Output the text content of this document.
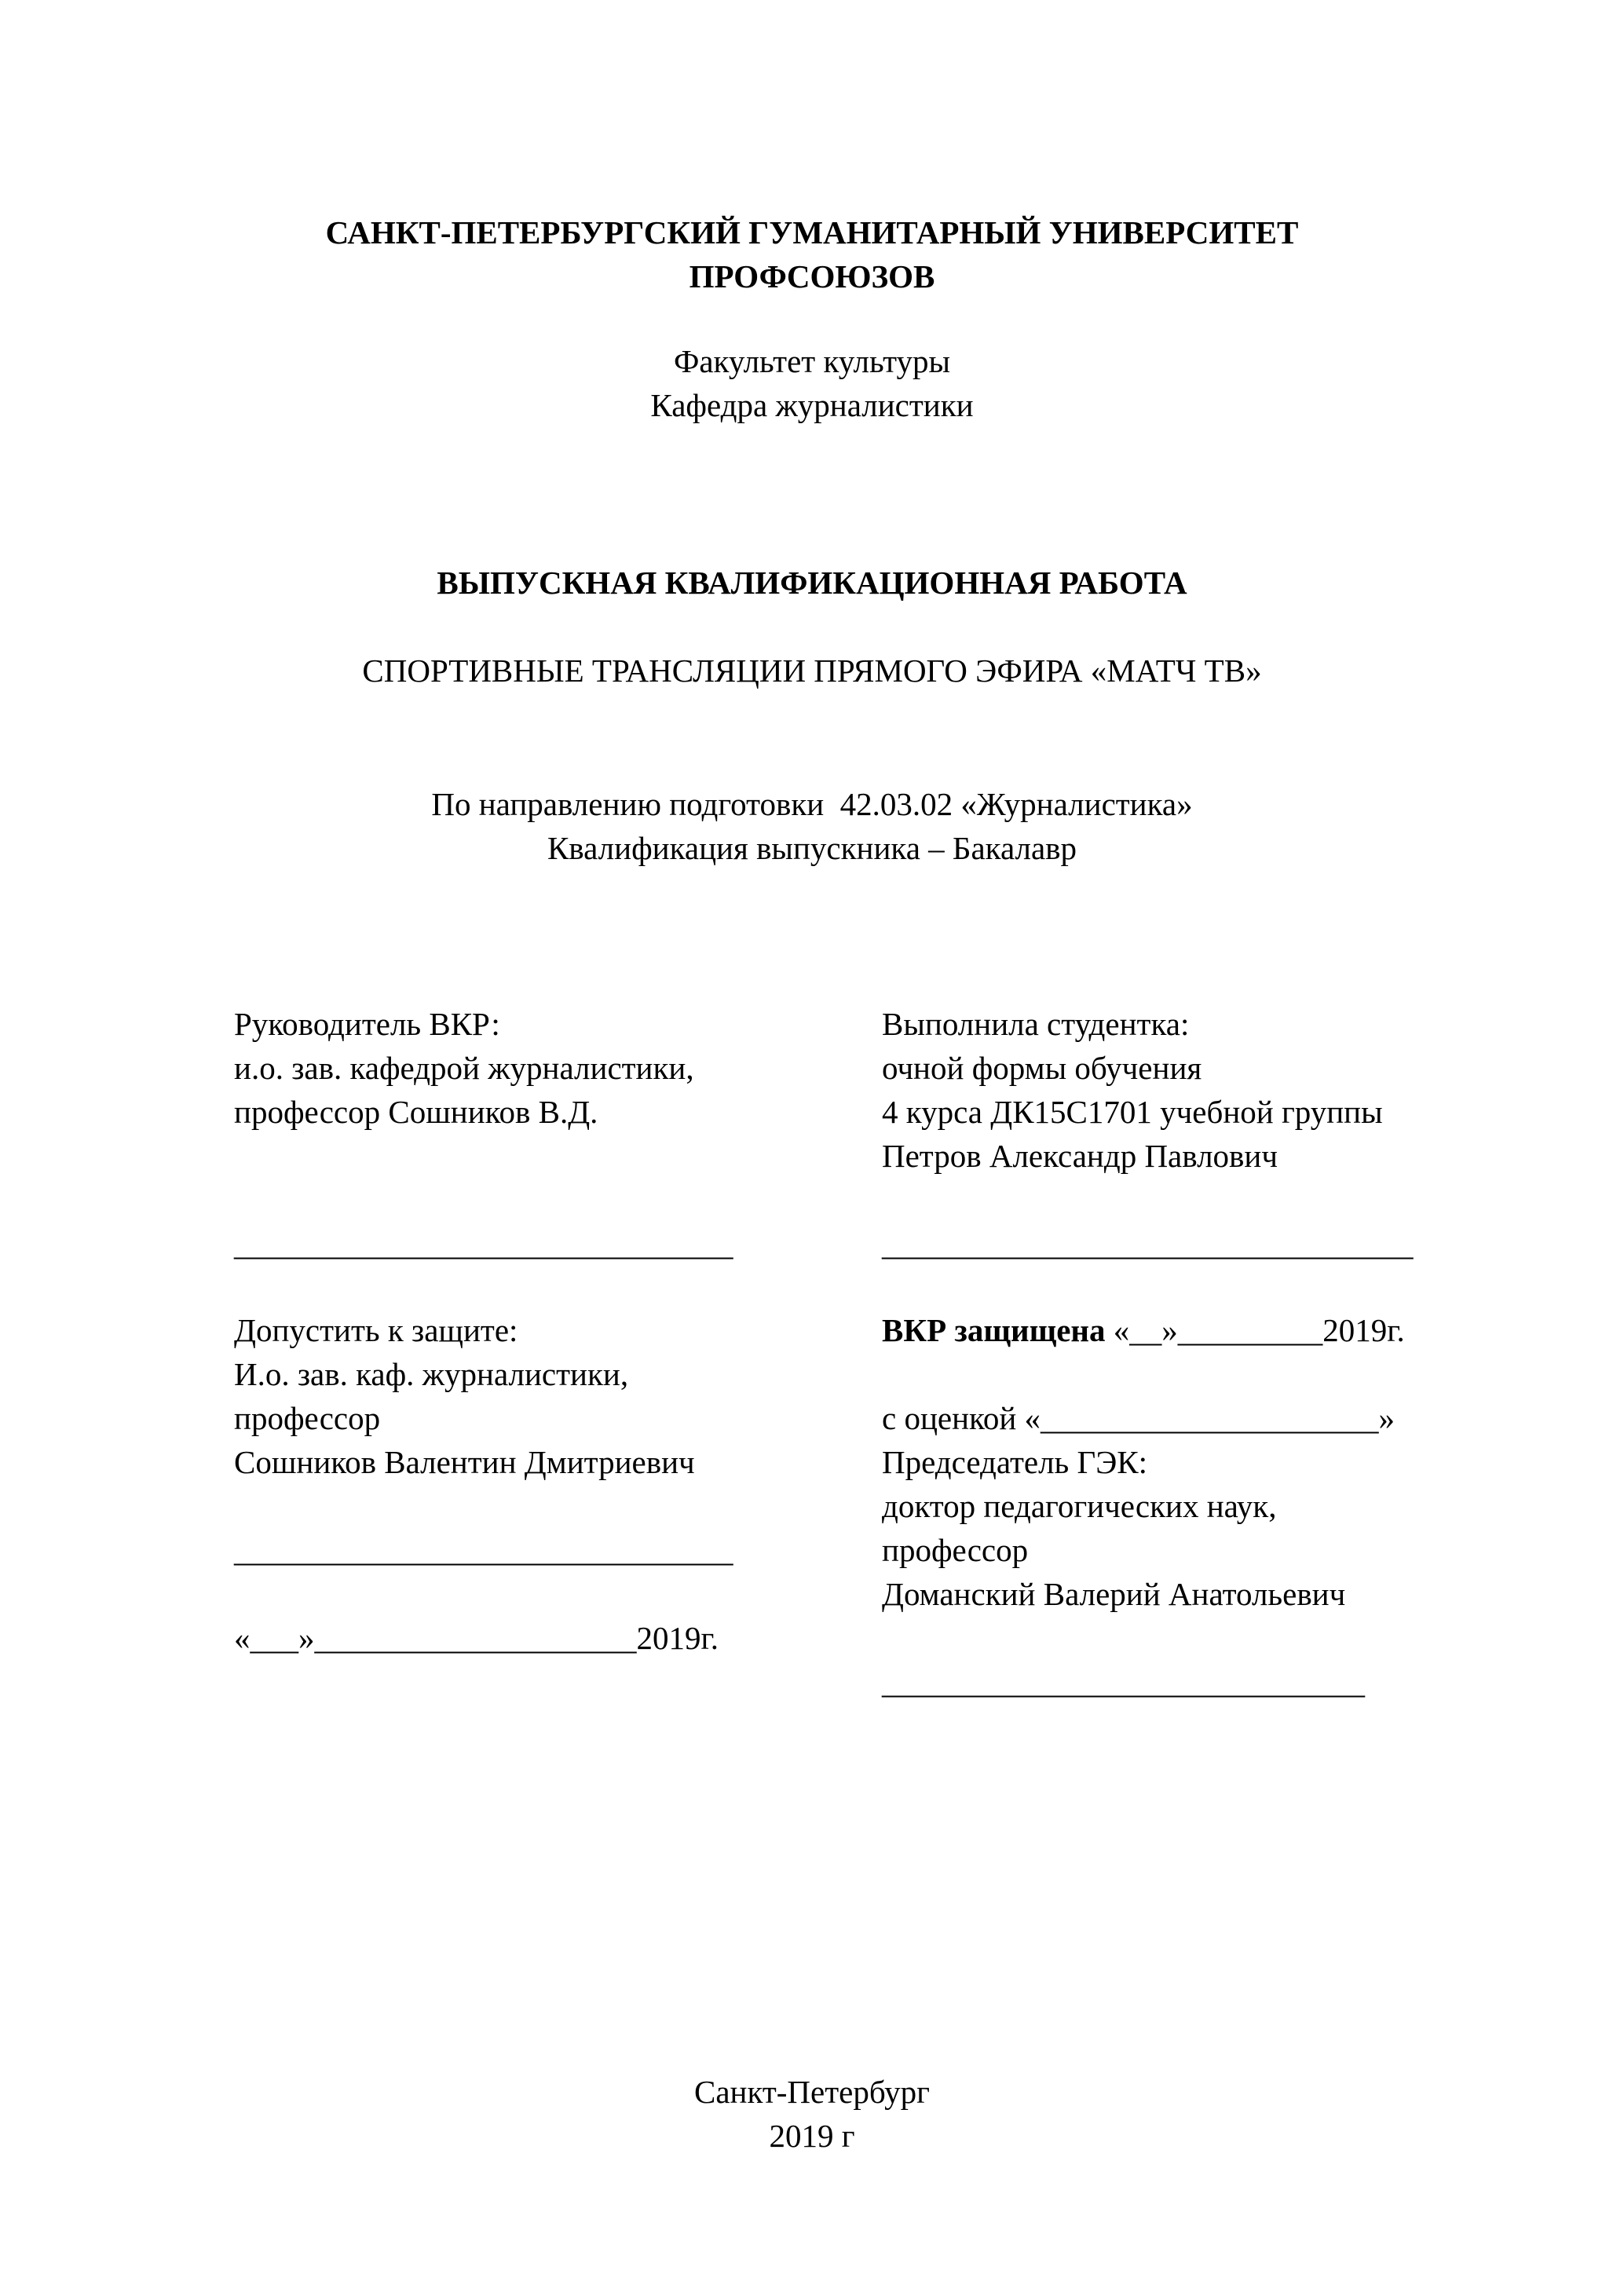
САНКТ-ПЕТЕРБУРГСКИЙ ГУМАНИТАРНЫЙ УНИВЕРСИТЕТ
ПРОФСОЮЗОВ
Факультет культуры
Кафедра журналистики
ВЫПУСКНАЯ КВАЛИФИКАЦИОННАЯ РАБОТА
СПОРТИВНЫЕ ТРАНСЛЯЦИИ ПРЯМОГО ЭФИРА «МАТЧ ТВ»
По направлению подготовки  42.03.02 «Журналистика»
Квалификация выпускника – Бакалавр
Руководитель ВКР:
и.о. зав. кафедрой журналистики,
профессор Сошников В.Д.
_______________________________
Выполнила студентка:
очной формы обучения
4 курса ДК15С1701 учебной группы
Петров Александр Павлович
_________________________________
Допустить к защите:
И.о. зав. каф. журналистики,
профессор
Сошников Валентин Дмитриевич
_______________________________
«___»____________________2019г.
ВКР защищена «__»_________2019г.
с оценкой «_____________________»
Председатель ГЭК:
доктор педагогических наук,
профессор
Доманский Валерий Анатольевич
______________________________
Санкт-Петербург
2019 г
